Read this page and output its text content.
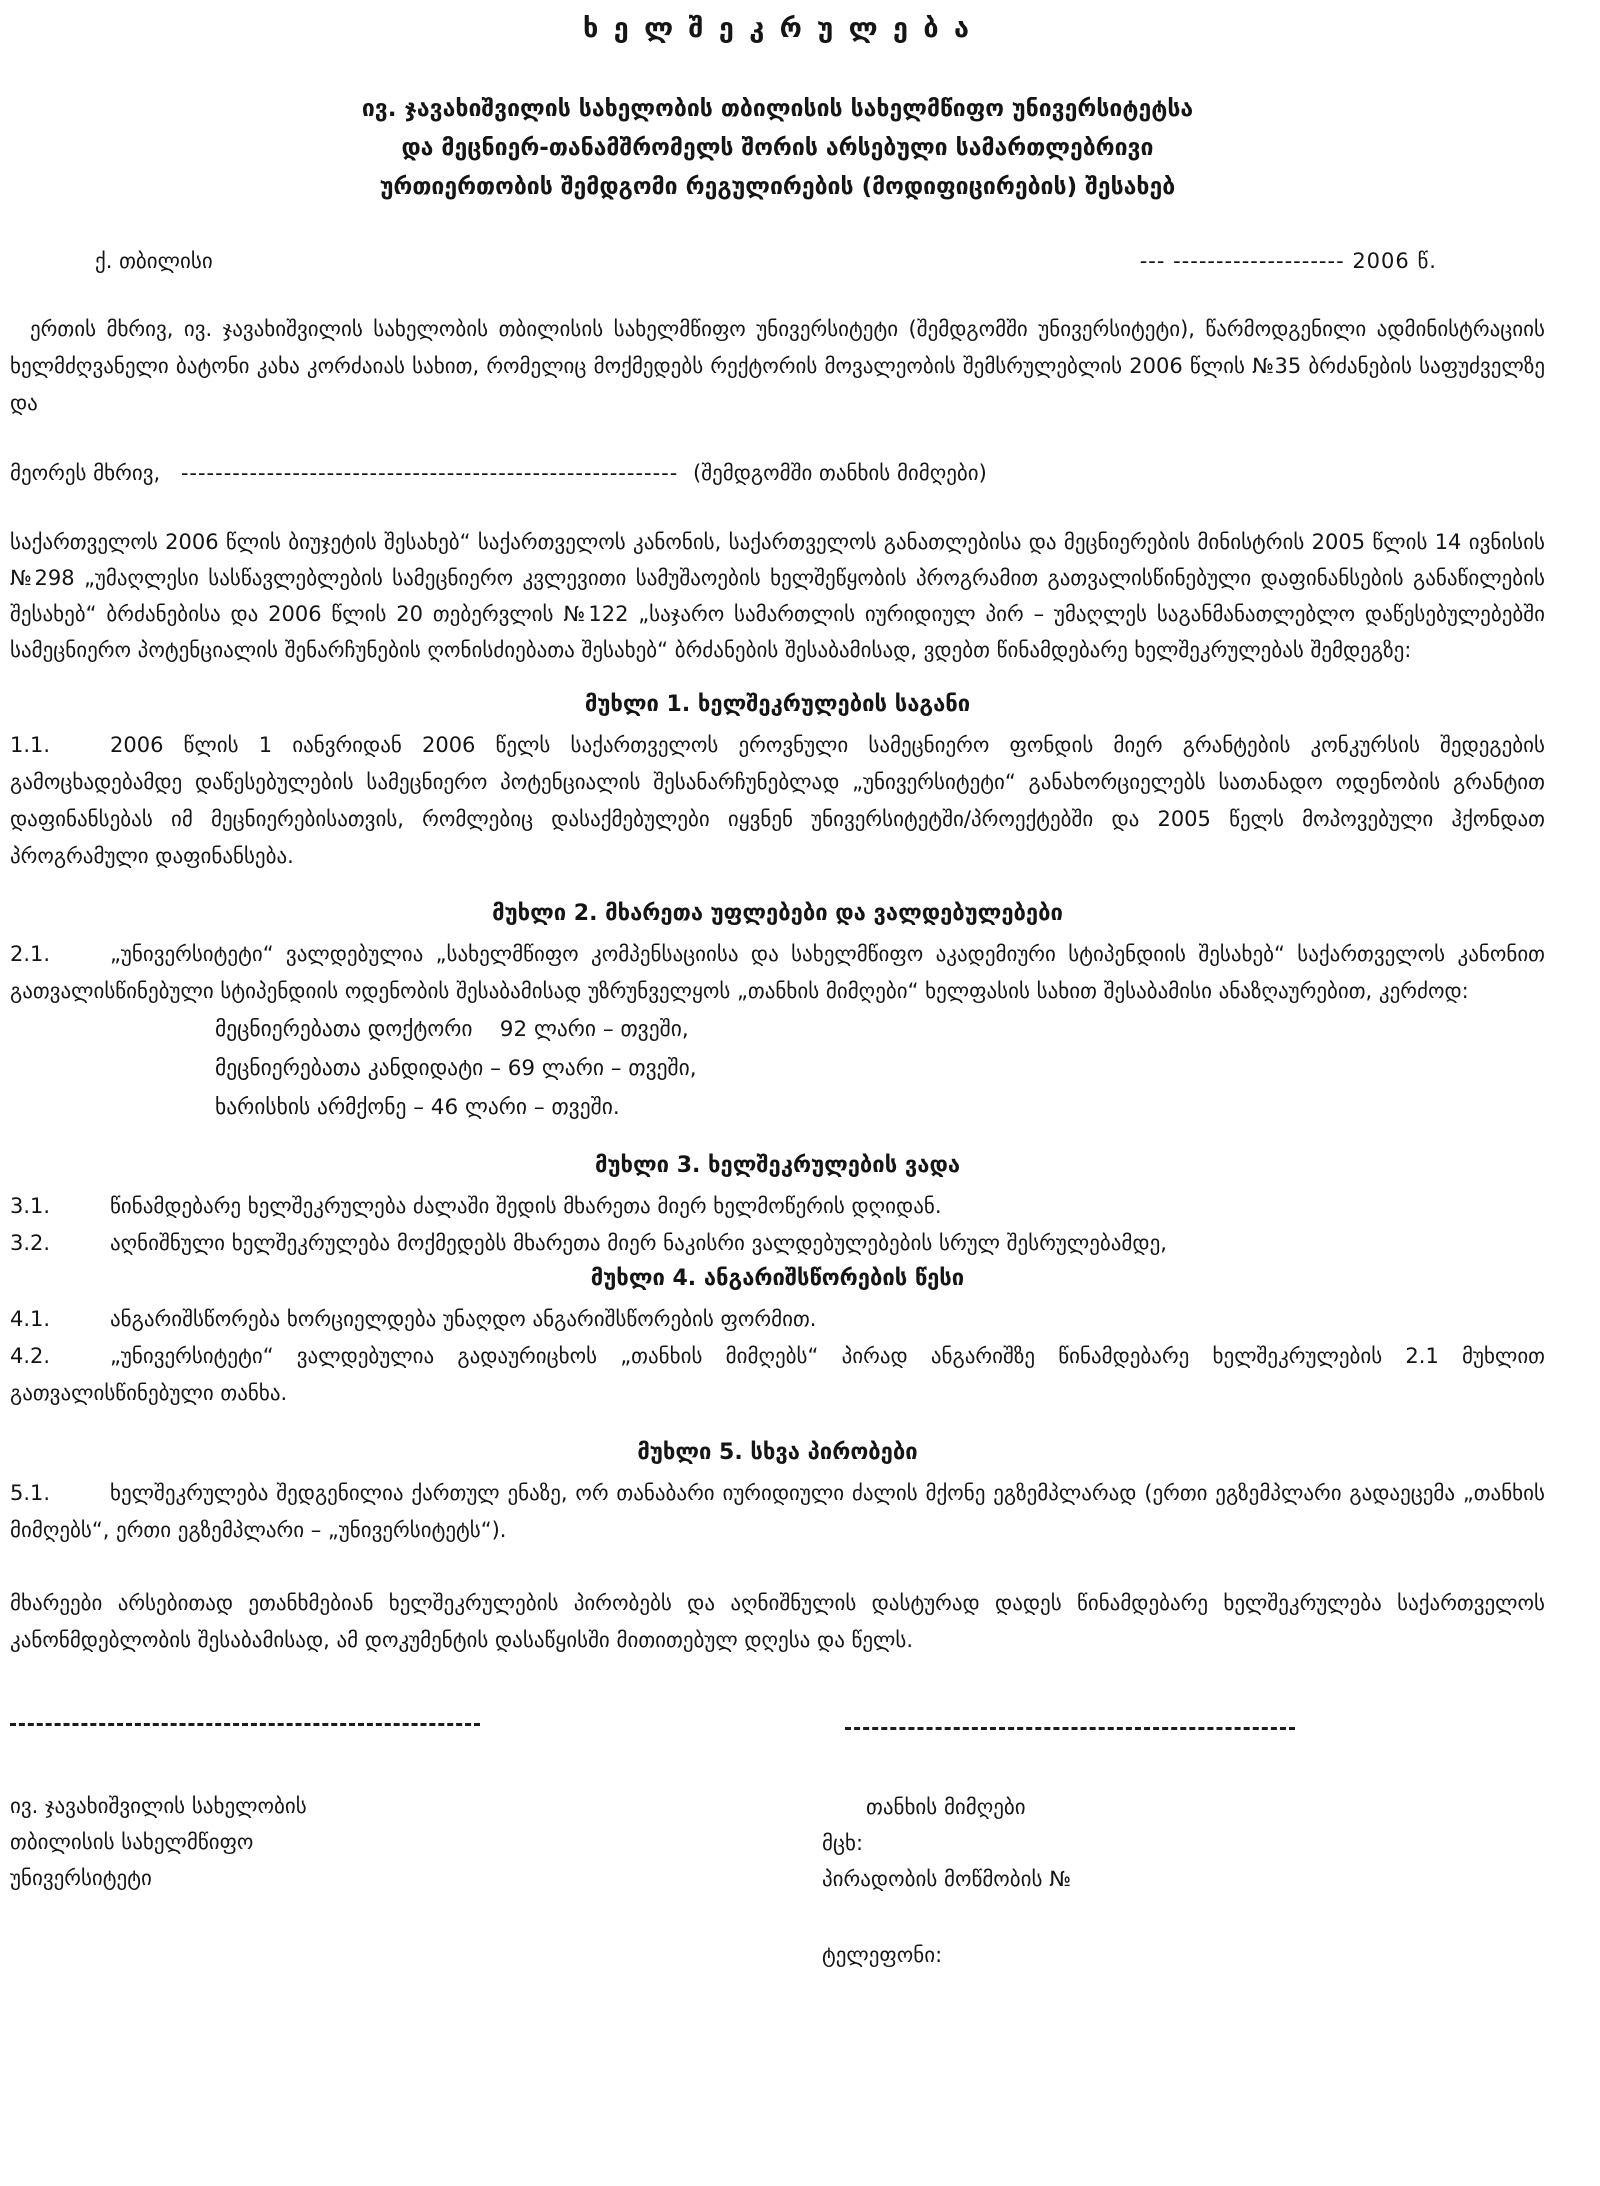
ხ ე ლ შ ე კ რ უ ლ ე ბ ა
ივ. ჯავახიშვილის სახელობის თბილისის სახელმწიფო უნივერსიტეტსა
და მეცნიერ-თანამშრომელს შორის არსებული სამართლებრივი
ურთიერთობის შემდგომი რეგულირების (მოდიფიცირების) შესახებ
ქ. თბილისი	--- -------------------- 2006 წ.

ერთის მხრივ, ივ. ჯავახიშვილის სახელობის თბილისის სახელმწიფო უნივერსიტეტი (შემდგომში უნივერსიტეტი), წარმოდგენილი ადმინისტრაციის ხელმძღვანელი ბატონი კახა კორძაიას სახით, რომელიც მოქმედებს რექტორის მოვალეობის შემსრულებლის 2006 წლის №35 ბრძანების საფუძველზე და

მეორეს მხრივ, ---------------------------------------------------------- (შემდგომში თანხის მიმღები)

საქართველოს 2006 წლის ბიუჯეტის შესახებ“ საქართველოს კანონის, საქართველოს განათლებისა და მეცნიერების მინისტრის 2005 წლის 14 ივნისის №298 „უმაღლესი სასწავლებლების სამეცნიერო კვლევითი სამუშაოების ხელშეწყობის პროგრამით გათვალისწინებული დაფინანსების განაწილების შესახებ“ ბრძანებისა და 2006 წლის 20 თებერვლის №122 „საჯარო სამართლის იურიდიულ პირ – უმაღლეს საგანმანათლებლო დაწესებულებებში სამეცნიერო პოტენციალის შენარჩუნების ღონისძიებათა შესახებ“ ბრძანების შესაბამისად, ვდებთ წინამდებარე ხელშეკრულებას შემდეგზე:

მუხლი 1. ხელშეკრულების საგანი

1.1.	2006 წლის 1 იანვრიდან 2006 წელს საქართველოს ეროვნული სამეცნიერო ფონდის მიერ გრანტების კონკურსის შედეგების გამოცხადებამდე დაწესებულების სამეცნიერო პოტენციალის შესანარჩუნებლად „უნივერსიტეტი“ განახორციელებს სათანადო ოდენობის გრანტით დაფინანსებას იმ მეცნიერებისათვის, რომლებიც დასაქმებულები იყვნენ უნივერსიტეტში/პროექტებში და 2005 წელს მოპოვებული ჰქონდათ პროგრამული დაფინანსება.

მუხლი 2. მხარეთა უფლებები და ვალდებულებები

2.1.	„უნივერსიტეტი“ ვალდებულია „სახელმწიფო კომპენსაციისა და სახელმწიფო აკადემიური სტიპენდიის შესახებ“ საქართველოს კანონით გათვალისწინებული სტიპენდიის ოდენობის შესაბამისად უზრუნველყოს „თანხის მიმღები“ ხელფასის სახით შესაბამისი ანაზღაურებით, კერძოდ:

მეცნიერებათა დოქტორი    92 ლარი – თვეში,
მეცნიერებათა კანდიდატი – 69 ლარი – თვეში,
ხარისხის არმქონე – 46 ლარი – თვეში.
მუხლი 3. ხელშეკრულების ვადა

3.1.	წინამდებარე ხელშეკრულება ძალაში შედის მხარეთა მიერ ხელმოწერის დღიდან.

3.2.	აღნიშნული ხელშეკრულება მოქმედებს მხარეთა მიერ ნაკისრი ვალდებულებების სრულ შესრულებამდე,

მუხლი 4. ანგარიშსწორების წესი

4.1.	ანგარიშსწორება ხორციელდება უნაღდო ანგარიშსწორების ფორმით.

4.2.	„უნივერსიტეტი“ ვალდებულია გადაურიცხოს „თანხის მიმღებს“ პირად ანგარიშზე წინამდებარე ხელშეკრულების 2.1 მუხლით გათვალისწინებული თანხა.

მუხლი 5. სხვა პირობები

5.1.	ხელშეკრულება შედგენილია ქართულ ენაზე, ორ თანაბარი იურიდიული ძალის მქონე ეგზემპლარად (ერთი ეგზემპლარი გადაეცემა „თანხის მიმღებს“, ერთი ეგზემპლარი – „უნივერსიტეტს“).

მხარეები არსებითად ეთანხმებიან ხელშეკრულების პირობებს და აღნიშნულის დასტურად დადეს წინამდებარე ხელშეკრულება საქართველოს კანონმდებლობის შესაბამისად, ამ დოკუმენტის დასაწყისში მითითებულ დღესა და წელს.

ივ. ჯავახიშვილის სახელობის
თბილისის სახელმწიფო
უნივერსიტეტი
თანხის მიმღები
მცხ:
პირადობის მოწმობის №
ტელეფონი:
